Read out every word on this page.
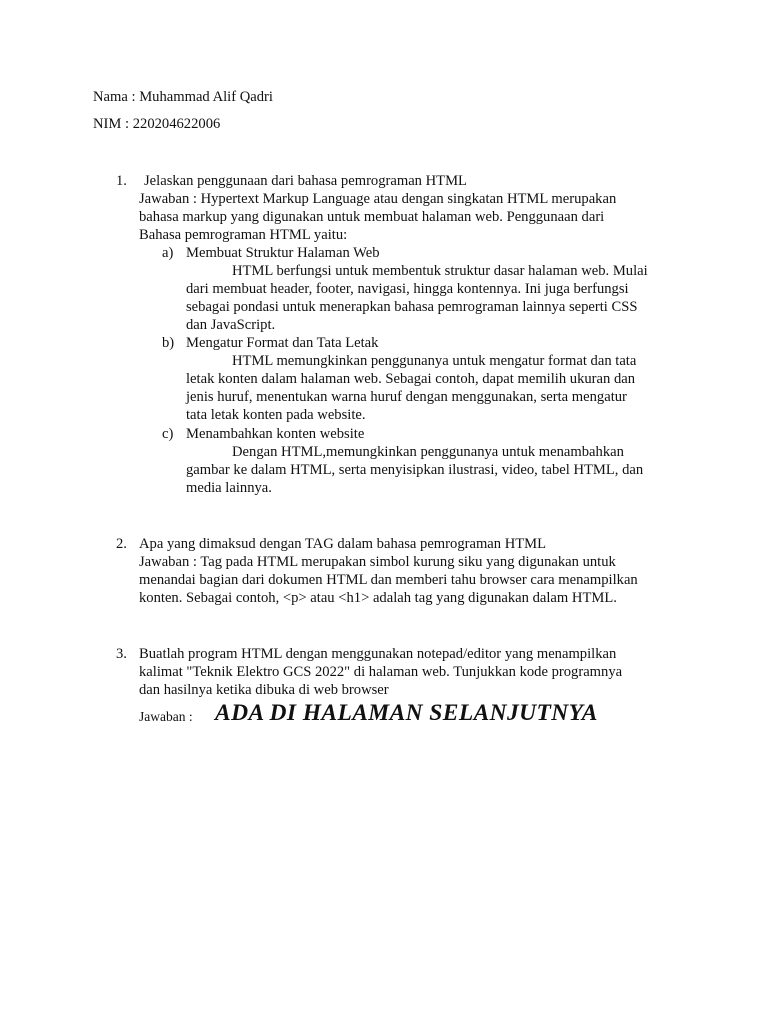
Nama : Muhammad Alif Qadri
NIM : 220204622006
1. Jelaskan penggunaan dari bahasa pemrograman HTML
Jawaban : Hypertext Markup Language atau dengan singkatan HTML merupakan
bahasa markup yang digunakan untuk membuat halaman web. Penggunaan dari
Bahasa pemrograman HTML yaitu:
a) Membuat Struktur Halaman Web
HTML berfungsi untuk membentuk struktur dasar halaman web. Mulai
dari membuat header, footer, navigasi, hingga kontennya. Ini juga berfungsi
sebagai pondasi untuk menerapkan bahasa pemrograman lainnya seperti CSS
dan JavaScript.
b) Mengatur Format dan Tata Letak
HTML memungkinkan penggunanya untuk mengatur format dan tata
letak konten dalam halaman web. Sebagai contoh, dapat memilih ukuran dan
jenis huruf, menentukan warna huruf dengan menggunakan, serta mengatur
tata letak konten pada website.
c) Menambahkan konten website
Dengan HTML,memungkinkan penggunanya untuk menambahkan
gambar ke dalam HTML, serta menyisipkan ilustrasi, video, tabel HTML, dan
media lainnya.
2. Apa yang dimaksud dengan TAG dalam bahasa pemrograman HTML
Jawaban : Tag pada HTML merupakan simbol kurung siku yang digunakan untuk
menandai bagian dari dokumen HTML dan memberi tahu browser cara menampilkan
konten. Sebagai contoh, <p> atau <h1> adalah tag yang digunakan dalam HTML.
3. Buatlah program HTML dengan menggunakan notepad/editor yang menampilkan
kalimat "Teknik Elektro GCS 2022" di halaman web. Tunjukkan kode programnya
dan hasilnya ketika dibuka di web browser
Jawaban : ADA DI HALAMAN SELANJUTNYA
